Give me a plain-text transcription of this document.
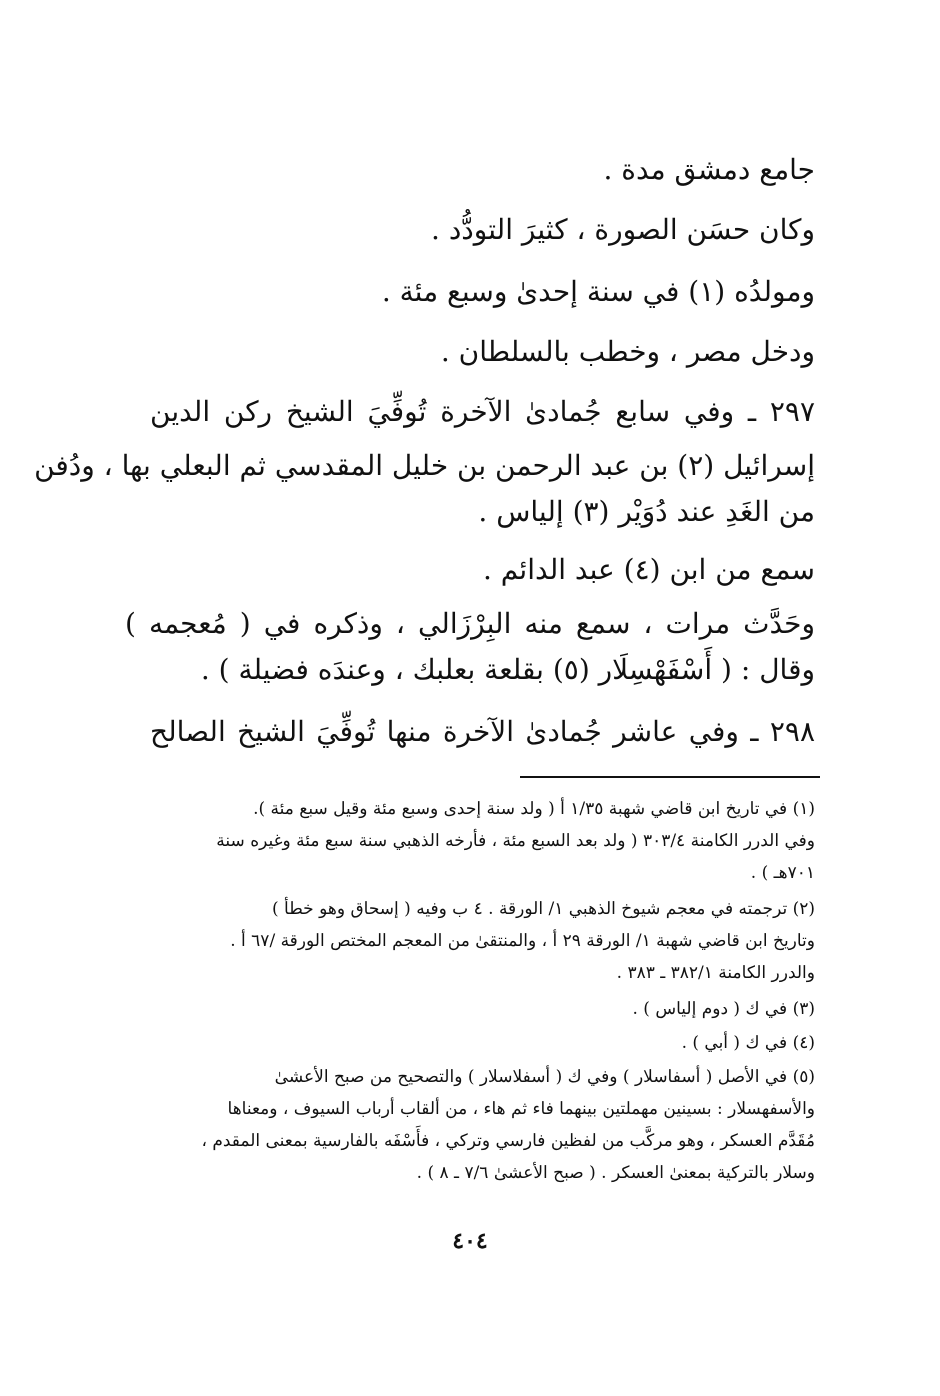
جامع دمشق مدة .
وكان حسَن الصورة ، كثيرَ التودُّد .
ومولدُه (١) في سنة إحدىٰ وسبع مئة .
ودخل مصر ، وخطب بالسلطان .
٢٩٧ ـ وفي سابع جُمادىٰ الآخرة تُوفِّيَ الشيخ ركن الدين
إسرائيل (٢) بن عبد الرحمن بن خليل المقدسي ثم البعلي بها ، ودُفن
من الغَدِ عند دُوَيْر (٣) إلياس .
سمع من ابن (٤) عبد الدائم .
وحَدَّث مرات ، سمع منه البِرْزَالي ، وذكره في ( مُعجمه )
وقال : ( أَسْفَهْسِلَار (٥) بقلعة بعلبك ، وعندَه فضيلة ) .
٢٩٨ ـ وفي عاشر جُمادىٰ الآخرة منها تُوفِّيَ الشيخ الصالح
(١) في تاريخ ابن قاضي شهبة ١/٣٥ أ ( ولد سنة إحدى وسبع مئة وقيل سبع مئة ).
وفي الدرر الكامنة ٣٠٣/٤ ( ولد بعد السبع مئة ، فأرخه الذهبي سنة سبع مئة وغيره سنة
٧٠١هـ ) .
(٢) ترجمته في معجم شيوخ الذهبي ١/ الورقة . ٤ ب وفيه ( إسحاق وهو خطأ )
وتاريخ ابن قاضي شهبة ١/ الورقة ٢٩ أ ، والمنتقىٰ من المعجم المختص الورقة /٦٧ أ .
والدرر الكامنة ٣٨٢/١ ـ ٣٨٣ .
(٣) في ك ( دوم إلياس ) .
(٤) في ك ( أبي ) .
(٥) في الأصل ( أسفاسلار ) وفي ك ( أسفلاسلار ) والتصحيح من صبح الأعشىٰ
والأسفهسلار : بسينين مهملتين بينهما فاء ثم هاء ، من ألقاب أرباب السيوف ، ومعناها
مُقَدَّم العسكر ، وهو مركَّب من لفظين فارسي وتركي ، فأَسْفَه بالفارسية بمعنى المقدم ،
وسلار بالتركية بمعنىٰ العسكر . ( صبح الأعشىٰ ٧/٦ ـ ٨ ) .
٤٠٤
